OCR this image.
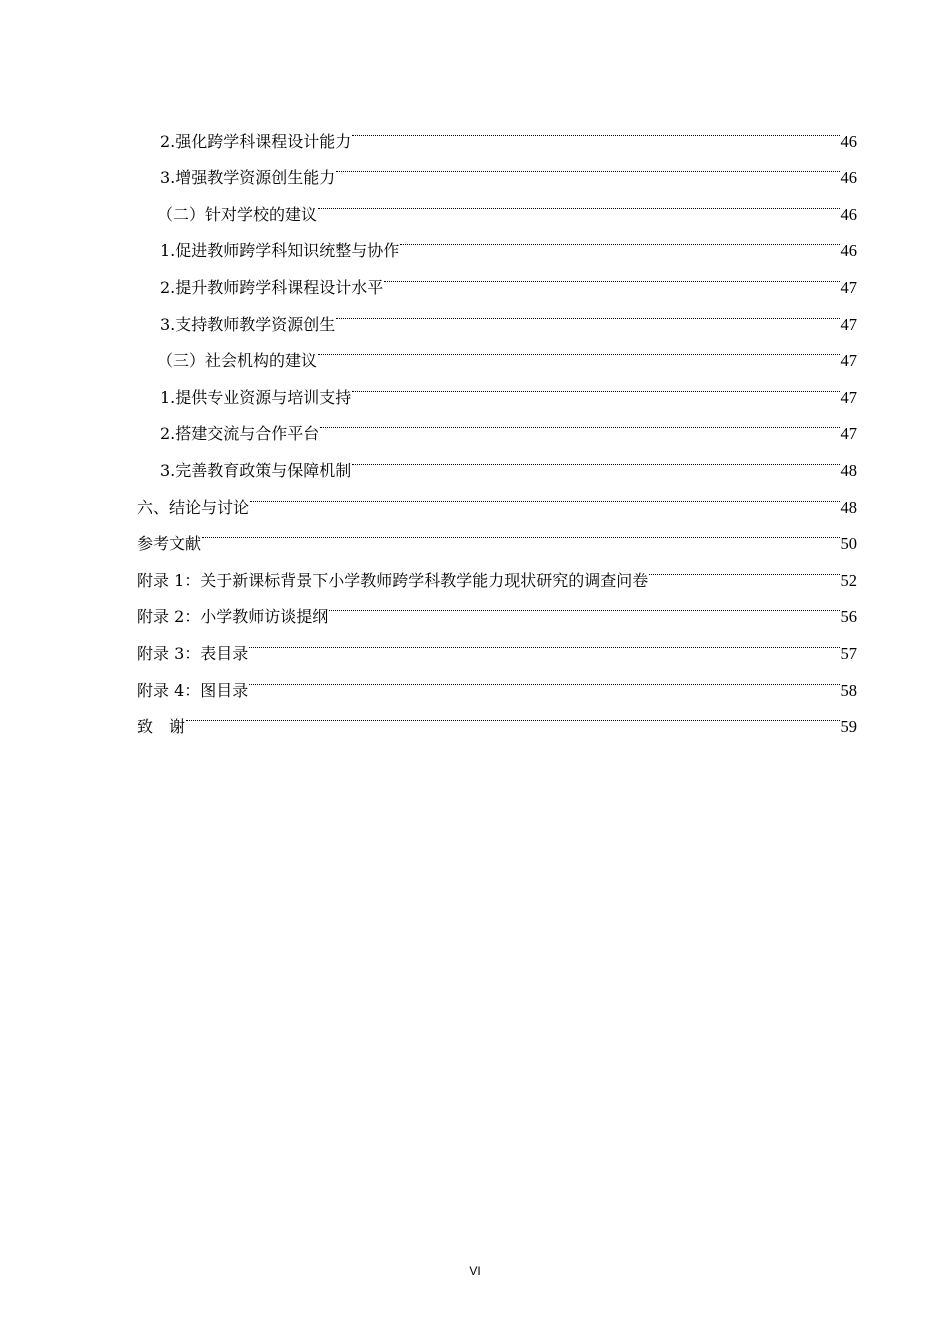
2.强化跨学科课程设计能力	46
3.增强教学资源创生能力	46
（二）针对学校的建议	46
1.促进教师跨学科知识统整与协作	46
2.提升教师跨学科课程设计水平	47
3.支持教师教学资源创生	47
（三）社会机构的建议	47
1.提供专业资源与培训支持	47
2.搭建交流与合作平台	47
3.完善教育政策与保障机制	48
六、结论与讨论	48
参考文献	50
附录 1：关于新课标背景下小学教师跨学科教学能力现状研究的调查问卷	52
附录 2：小学教师访谈提纲	56
附录 3：表目录	57
附录 4：图目录	58
致　谢	59
VI
